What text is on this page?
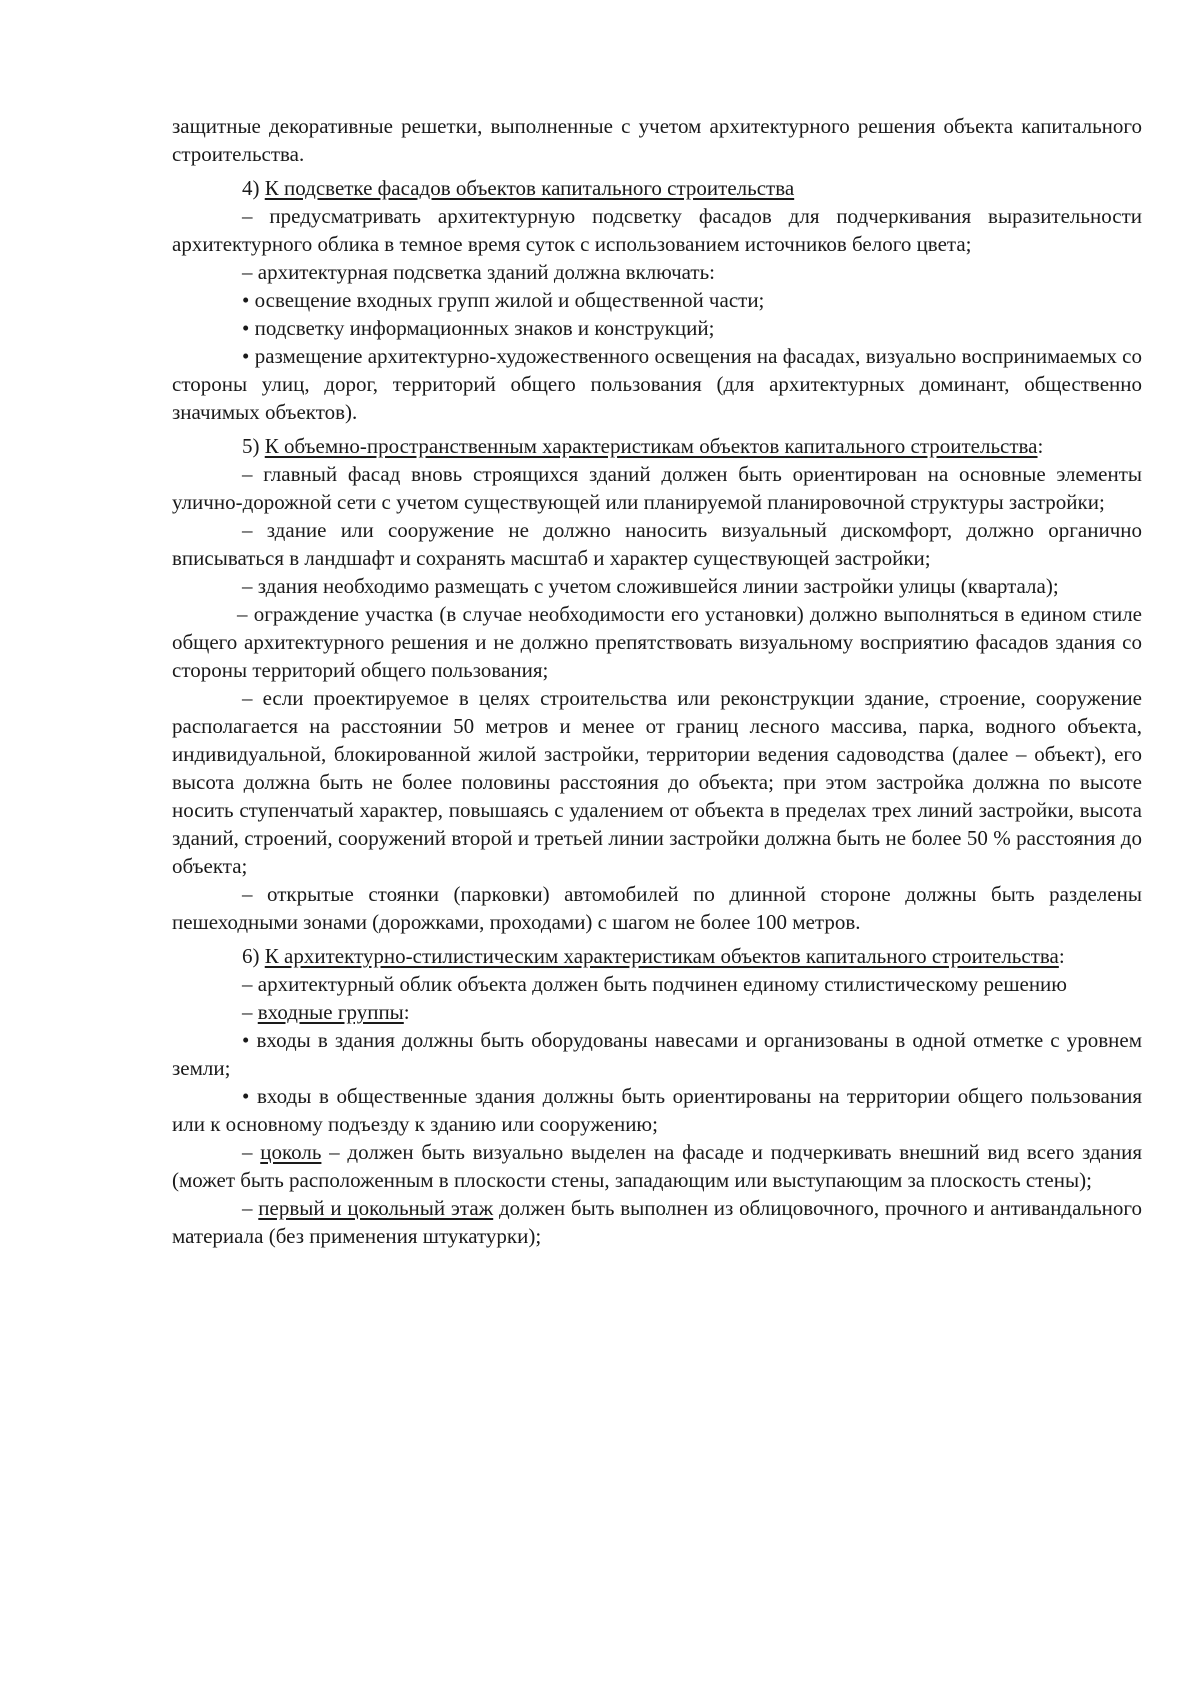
защитные декоративные решетки, выполненные с учетом архитектурного решения объекта капитального строительства.

4) К подсветке фасадов объектов капитального строительства

– предусматривать архитектурную подсветку фасадов для подчеркивания выразительности архитектурного облика в темное время суток с использованием источников белого цвета;

– архитектурная подсветка зданий должна включать:

• освещение входных групп жилой и общественной части;

• подсветку информационных знаков и конструкций;

• размещение архитектурно-художественного освещения на фасадах, визуально воспринимаемых со стороны улиц, дорог, территорий общего пользования (для архитектурных доминант, общественно значимых объектов).

5) К объемно-пространственным характеристикам объектов капитального строительства:

– главный фасад вновь строящихся зданий должен быть ориентирован на основные элементы улично-дорожной сети с учетом существующей или планируемой планировочной структуры застройки;

– здание или сооружение не должно наносить визуальный дискомфорт, должно органично вписываться в ландшафт и сохранять масштаб и характер существующей застройки;

– здания необходимо размещать с учетом сложившейся линии застройки улицы (квартала);

– ограждение участка (в случае необходимости его установки) должно выполняться в едином стиле общего архитектурного решения и не должно препятствовать визуальному восприятию фасадов здания со стороны территорий общего пользования;

– если проектируемое в целях строительства или реконструкции здание, строение, сооружение располагается на расстоянии 50 метров и менее от границ лесного массива, парка, водного объекта, индивидуальной, блокированной жилой застройки, территории ведения садоводства (далее – объект), его высота должна быть не более половины расстояния до объекта; при этом застройка должна по высоте носить ступенчатый характер, повышаясь с удалением от объекта в пределах трех линий застройки, высота зданий, строений, сооружений второй и третьей линии застройки должна быть не более 50 % расстояния до объекта;

– открытые стоянки (парковки) автомобилей по длинной стороне должны быть разделены пешеходными зонами (дорожками, проходами) с шагом не более 100 метров.

6) К архитектурно-стилистическим характеристикам объектов капитального строительства:

– архитектурный облик объекта должен быть подчинен единому стилистическому решению

– входные группы:

• входы в здания должны быть оборудованы навесами и организованы в одной отметке с уровнем земли;

• входы в общественные здания должны быть ориентированы на территории общего пользования или к основному подъезду к зданию или сооружению;

– цоколь – должен быть визуально выделен на фасаде и подчеркивать внешний вид всего здания (может быть расположенным в плоскости стены, западающим или выступающим за плоскость стены);

– первый и цокольный этаж должен быть выполнен из облицовочного, прочного и антивандального материала (без применения штукатурки);
